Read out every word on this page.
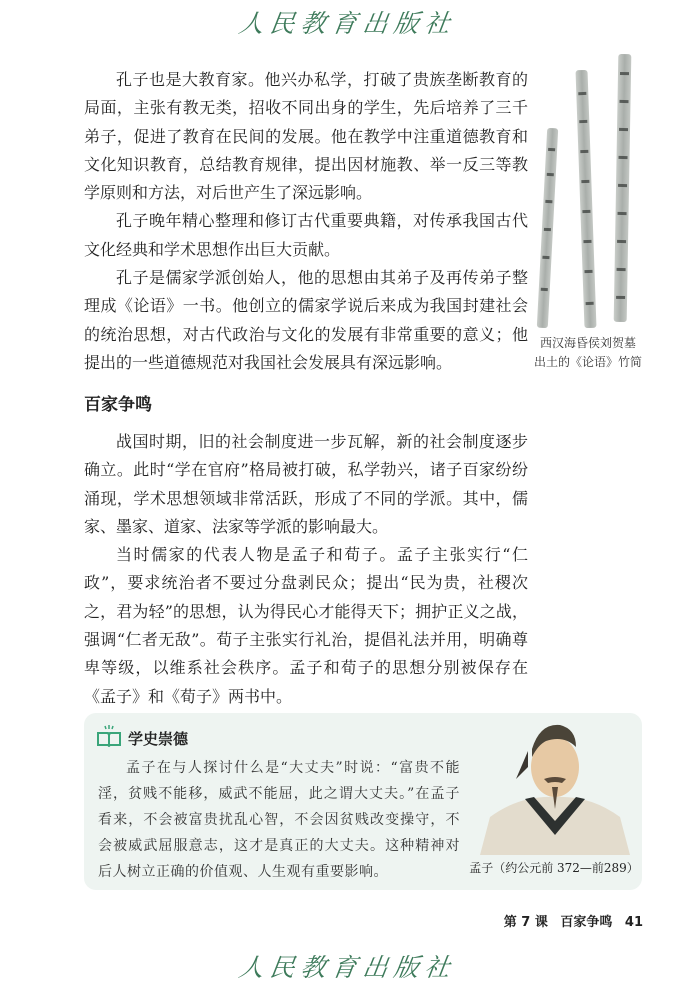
人民教育出版社

孔子也是大教育家。他兴办私学，打破了贵族垄断教育的局面，主张有教无类，招收不同出身的学生，先后培养了三千弟子，促进了教育在民间的发展。他在教学中注重道德教育和文化知识教育，总结教育规律，提出因材施教、举一反三等教学原则和方法，对后世产生了深远影响。

孔子晚年精心整理和修订古代重要典籍，对传承我国古代文化经典和学术思想作出巨大贡献。

孔子是儒家学派创始人，他的思想由其弟子及再传弟子整理成《论语》一书。他创立的儒家学说后来成为我国封建社会的统治思想，对古代政治与文化的发展有非常重要的意义；他提出的一些道德规范对我国社会发展具有深远影响。

西汉海昏侯刘贺墓
出土的《论语》竹简
百家争鸣

战国时期，旧的社会制度进一步瓦解，新的社会制度逐步确立。此时“学在官府”格局被打破，私学勃兴，诸子百家纷纷涌现，学术思想领域非常活跃，形成了不同的学派。其中，儒家、墨家、道家、法家等学派的影响最大。

当时儒家的代表人物是孟子和荀子。孟子主张实行“仁政”，要求统治者不要过分盘剥民众；提出“民为贵，社稷次之，君为轻”的思想，认为得民心才能得天下；拥护正义之战，强调“仁者无敌”。荀子主张实行礼治，提倡礼法并用，明确尊卑等级，以维系社会秩序。孟子和荀子的思想分别被保存在《孟子》和《荀子》两书中。

学史崇德

孟子在与人探讨什么是“大丈夫”时说：“富贵不能淫，贫贱不能移，威武不能屈，此之谓大丈夫。”在孟子看来，不会被富贵扰乱心智，不会因贫贱改变操守，不会被威武屈服意志，这才是真正的大丈夫。这种精神对后人树立正确的价值观、人生观有重要影响。	孟子（约公元前 372—前289）
第 7 课 百家争鸣 41
人民教育出版社
